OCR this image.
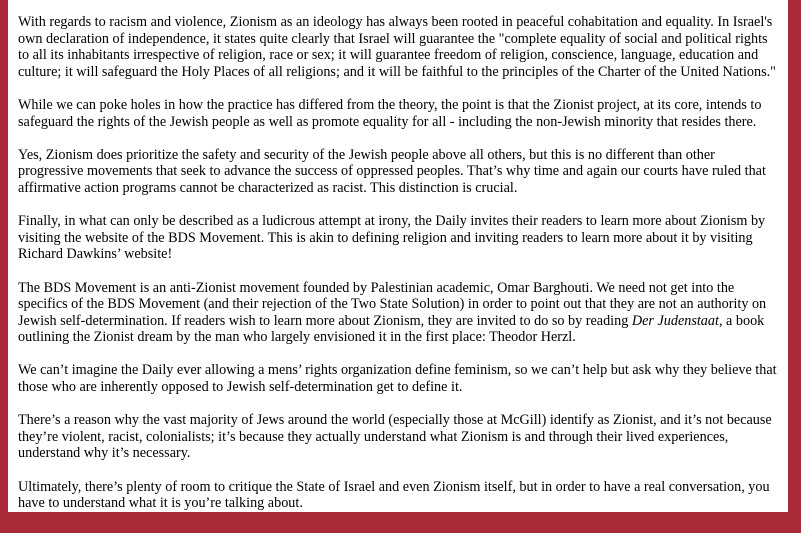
With regards to racism and violence, Zionism as an ideology has always been rooted in peaceful cohabitation and equality. In Israel's own declaration of independence, it states quite clearly that Israel will guarantee the "complete equality of social and political rights to all its inhabitants irrespective of religion, race or sex; it will guarantee freedom of religion, conscience, language, education and culture; it will safeguard the Holy Places of all religions; and it will be faithful to the principles of the Charter of the United Nations."

While we can poke holes in how the practice has differed from the theory, the point is that the Zionist project, at its core, intends to safeguard the rights of the Jewish people as well as promote equality for all - including the non-Jewish minority that resides there.

Yes, Zionism does prioritize the safety and security of the Jewish people above all others, but this is no different than other progressive movements that seek to advance the success of oppressed peoples. That’s why time and again our courts have ruled that affirmative action programs cannot be characterized as racist. This distinction is crucial.

Finally, in what can only be described as a ludicrous attempt at irony, the Daily invites their readers to learn more about Zionism by visiting the website of the BDS Movement. This is akin to defining religion and inviting readers to learn more about it by visiting Richard Dawkins’ website!

The BDS Movement is an anti-Zionist movement founded by Palestinian academic, Omar Barghouti. We need not get into the specifics of the BDS Movement (and their rejection of the Two State Solution) in order to point out that they are not an authority on Jewish self-determination. If readers wish to learn more about Zionism, they are invited to do so by reading Der Judenstaat, a book outlining the Zionist dream by the man who largely envisioned it in the first place: Theodor Herzl.

We can’t imagine the Daily ever allowing a mens’ rights organization define feminism, so we can’t help but ask why they believe that those who are inherently opposed to Jewish self-determination get to define it.

There’s a reason why the vast majority of Jews around the world (especially those at McGill) identify as Zionist, and it’s not because they’re violent, racist, colonialists; it’s because they actually understand what Zionism is and through their lived experiences, understand why it’s necessary.

Ultimately, there’s plenty of room to critique the State of Israel and even Zionism itself, but in order to have a real conversation, you have to understand what it is you’re talking about.
